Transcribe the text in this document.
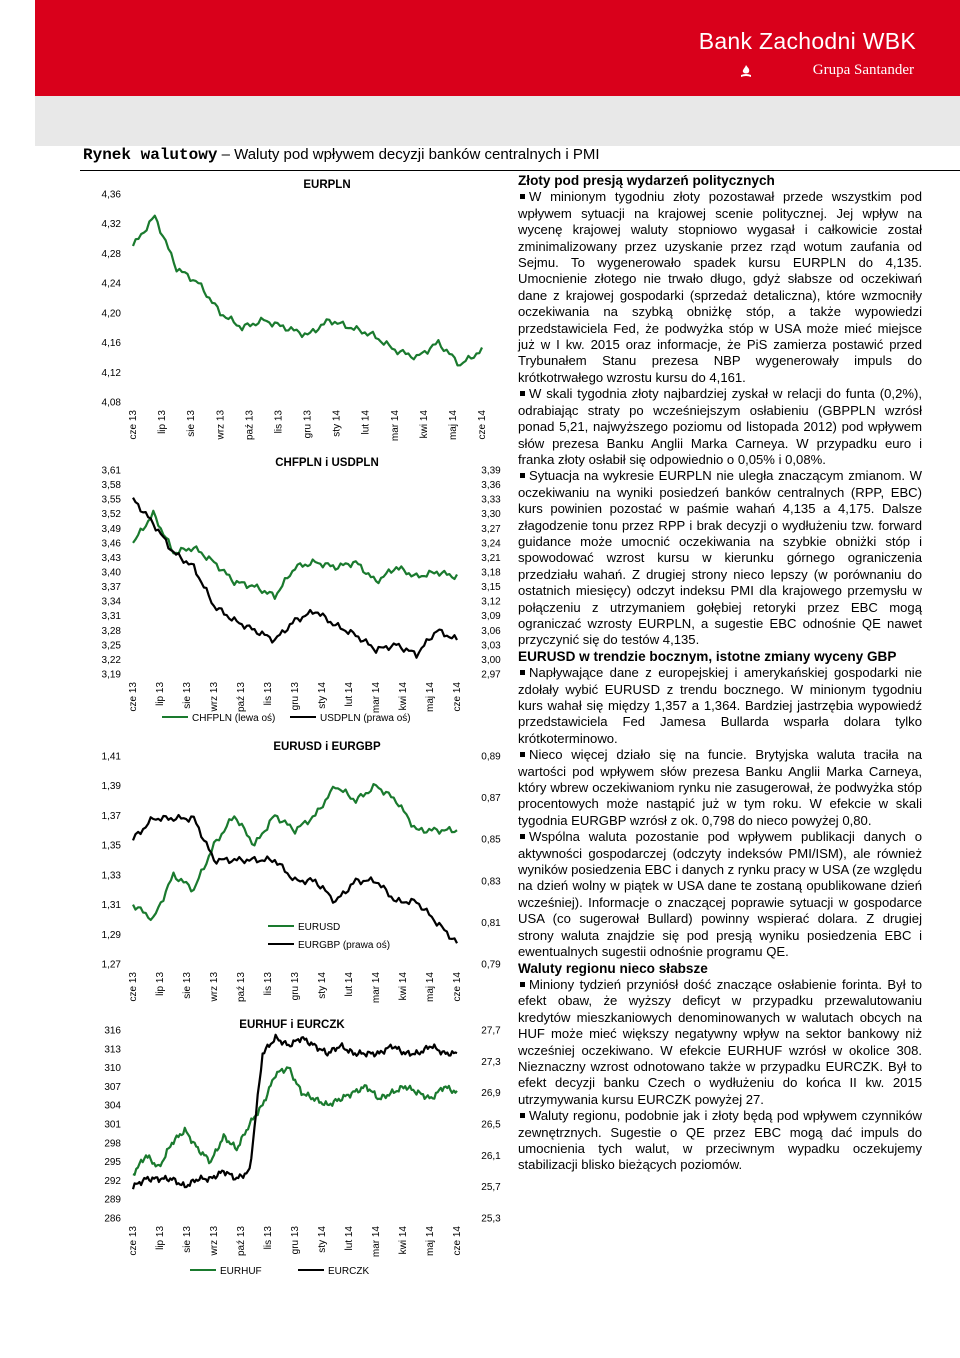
Bank Zachodni WBK
Grupa Santander
Rynek walutowy – Waluty pod wpływem decyzji banków centralnych i PMI
EURPLN
4,36
4,32
4,28
4,24
4,20
4,16
4,12
4,08
cze 13 lip 13 sie 13 wrz 13 paź 13 lis 13 gru 13 sty 14 lut 14 mar 14 kwi 14 maj 14 cze 14
CHFPLN i USDPLN
3,61
3,58
3,55
3,52
3,49
3,46
3,43
3,40
3,37
3,34
3,31
3,28
3,25
3,22
3,19
3,39
3,36
3,33
3,30
3,27
3,24
3,21
3,18
3,15
3,12
3,09
3,06
3,03
3,00
2,97
cze 13 lip 13 sie 13 wrz 13 paź 13 lis 13 gru 13 sty 14 lut 14 mar 14 kwi 14 maj 14 cze 14
CHFPLN (lewa oś)	USDPLN (prawa oś)
EURUSD i EURGBP
1,41
1,39
1,37
1,35
1,33
1,31
1,29
1,27
0,89
0,87
0,85
0,83
0,81
0,79
cze 13 lip 13 sie 13 wrz 13 paź 13 lis 13 gru 13 sty 14 lut 14 mar 14 kwi 14 maj 14 cze 14
EURUSD
EURGBP (prawa oś)
EURHUF i EURCZK
316
313
310
307
304
301
298
295
292
289
286
27,7
27,3
26,9
26,5
26,1
25,7
25,3
cze 13 lip 13 sie 13 wrz 13 paź 13 lis 13 gru 13 sty 14 lut 14 mar 14 kwi 14 maj 14 cze 14
EURHUF	EURCZK
Złoty pod presją wydarzeń politycznych

W minionym tygodniu złoty pozostawał przede wszystkim pod wpływem sytuacji na krajowej scenie politycznej. Jej wpływ na wycenę krajowej waluty stopniowo wygasał i całkowicie został zminimalizowany przez uzyskanie przez rząd wotum zaufania od Sejmu. To wygenerowało spadek kursu EURPLN do 4,135. Umocnienie złotego nie trwało długo, gdyż słabsze od oczekiwań dane z krajowej gospodarki (sprzedaż detaliczna), które wzmocniły oczekiwania na szybką obniżkę stóp, a także wypowiedzi przedstawiciela Fed, że podwyżka stóp w USA może mieć miejsce już w I kw. 2015 oraz informacje, że PiS zamierza postawić przed Trybunałem Stanu prezesa NBP wygenerowały impuls do krótkotrwałego wzrostu kursu do 4,161.

W skali tygodnia złoty najbardziej zyskał w relacji do funta (0,2%), odrabiając straty po wcześniejszym osłabieniu (GBPPLN wzrósł ponad 5,21, najwyższego poziomu od listopada 2012) pod wpływem słów prezesa Banku Anglii Marka Carneya. W przypadku euro i franka złoty osłabił się odpowiednio o 0,05% i 0,08%.

Sytuacja na wykresie EURPLN nie uległa znaczącym zmianom. W oczekiwaniu na wyniki posiedzeń banków centralnych (RPP, EBC) kurs powinien pozostać w paśmie wahań 4,135 a 4,175. Dalsze złagodzenie tonu przez RPP i brak decyzji o wydłużeniu tzw. forward guidance może umocnić oczekiwania na szybkie obniżki stóp i spowodować wzrost kursu w kierunku górnego ograniczenia przedziału wahań. Z drugiej strony nieco lepszy (w porównaniu do ostatnich miesięcy) odczyt indeksu PMI dla krajowego przemysłu w połączeniu z utrzymaniem gołębiej retoryki przez EBC mogą ograniczać wzrosty EURPLN, a sugestie EBC odnośnie QE nawet przyczynić się do testów 4,135.

EURUSD w trendzie bocznym, istotne zmiany wyceny GBP

Napływające dane z europejskiej i amerykańskiej gospodarki nie zdołały wybić EURUSD z trendu bocznego. W minionym tygodniu kurs wahał się między 1,357 a 1,364. Bardziej jastrzębia wypowiedź przedstawiciela Fed Jamesa Bullarda wsparła dolara tylko krótkoterminowo.

Nieco więcej działo się na funcie. Brytyjska waluta traciła na wartości pod wpływem słów prezesa Banku Anglii Marka Carneya, który wbrew oczekiwaniom rynku nie zasugerował, że podwyżka stóp procentowych może nastąpić już w tym roku. W efekcie w skali tygodnia EURGBP wzrósł z ok. 0,798 do nieco powyżej 0,80.

Wspólna waluta pozostanie pod wpływem publikacji danych o aktywności gospodarczej (odczyty indeksów PMI/ISM), ale również wyników posiedzenia EBC i danych z rynku pracy w USA (ze względu na dzień wolny w piątek w USA dane te zostaną opublikowane dzień wcześniej). Informacje o znaczącej poprawie sytuacji w gospodarce USA (co sugerował Bullard) powinny wspierać dolara. Z drugiej strony waluta znajdzie się pod presją wyniku posiedzenia EBC i ewentualnych sugestii odnośnie programu QE.

Waluty regionu nieco słabsze

Miniony tydzień przyniósł dość znaczące osłabienie forinta. Był to efekt obaw, że wyższy deficyt w przypadku przewalutowaniu kredytów mieszkaniowych denominowanych w walutach obcych na HUF może mieć większy negatywny wpływ na sektor bankowy niż wcześniej oczekiwano. W efekcie EURHUF wzrósł w okolice 308. Nieznaczny wzrost odnotowano także w przypadku EURCZK. Był to efekt decyzji banku Czech o wydłużeniu do końca II kw. 2015 utrzymywania kursu EURCZK powyżej 27.

Waluty regionu, podobnie jak i złoty będą pod wpływem czynników zewnętrznych. Sugestie o QE przez EBC mogą dać impuls do umocnienia tych walut, w przeciwnym wypadku oczekujemy stabilizacji blisko bieżących poziomów.
